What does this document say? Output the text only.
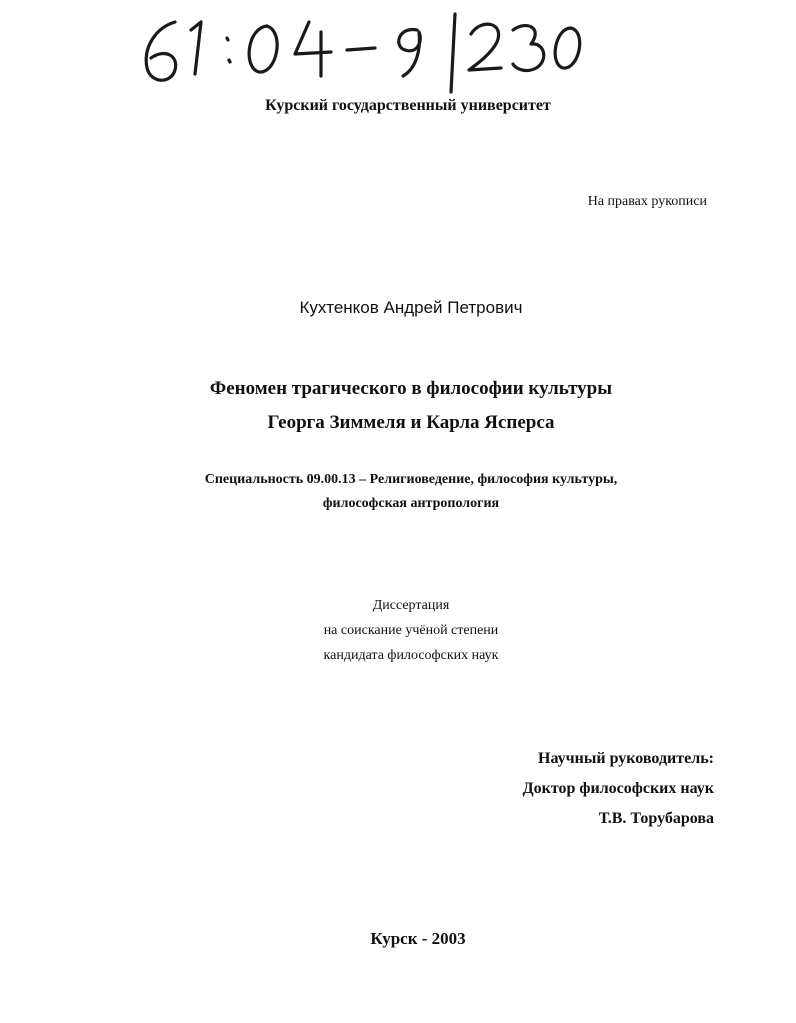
Курский государственный университет
На правах рукописи
Кухтенков Андрей Петрович
Феномен трагического в философии культуры
Георга Зиммеля и Карла Ясперса
Специальность 09.00.13 – Религиоведение, философия культуры,
философская антропология
Диссертация
на соискание учёной степени
кандидата философских наук
Научный руководитель:
Доктор философских наук
Т.В. Торубарова
Курск - 2003
